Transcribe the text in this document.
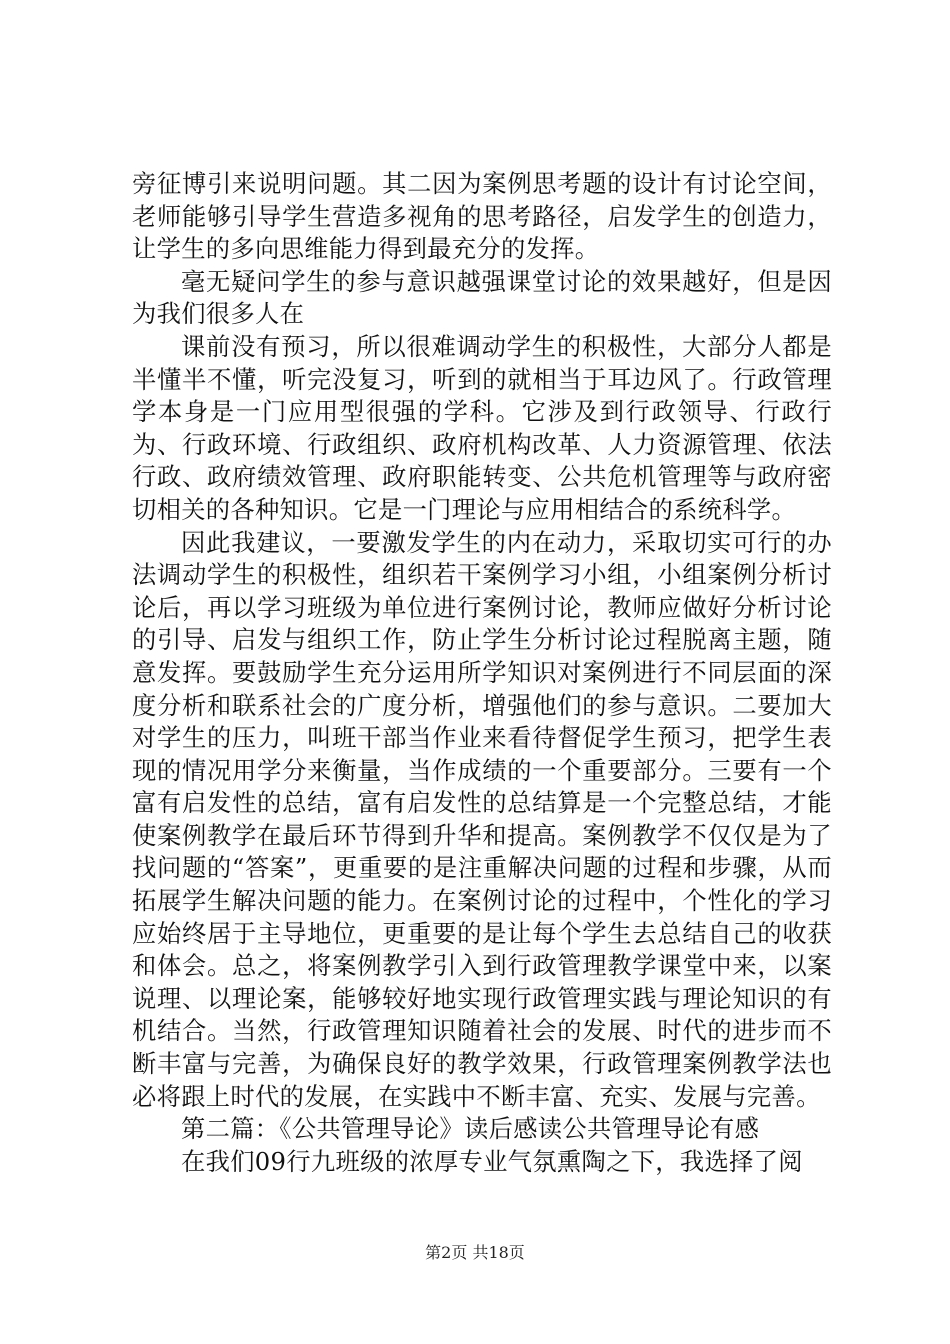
旁征博引来说明问题。其二因为案例思考题的设计有讨论空间，老师能够引导学生营造多视角的思考路径，启发学生的创造力，让学生的多向思维能力得到最充分的发挥。

毫无疑问学生的参与意识越强课堂讨论的效果越好，但是因为我们很多人在

课前没有预习，所以很难调动学生的积极性，大部分人都是半懂半不懂，听完没复习，听到的就相当于耳边风了。行政管理学本身是一门应用型很强的学科。它涉及到行政领导、行政行为、行政环境、行政组织、政府机构改革、人力资源管理、依法行政、政府绩效管理、政府职能转变、公共危机管理等与政府密切相关的各种知识。它是一门理论与应用相结合的系统科学。

因此我建议，一要激发学生的内在动力，采取切实可行的办法调动学生的积极性，组织若干案例学习小组，小组案例分析讨论后，再以学习班级为单位进行案例讨论，教师应做好分析讨论的引导、启发与组织工作，防止学生分析讨论过程脱离主题，随意发挥。要鼓励学生充分运用所学知识对案例进行不同层面的深度分析和联系社会的广度分析，增强他们的参与意识。二要加大对学生的压力，叫班干部当作业来看待督促学生预习，把学生表现的情况用学分来衡量，当作成绩的一个重要部分。三要有一个富有启发性的总结，富有启发性的总结算是一个完整总结，才能使案例教学在最后环节得到升华和提高。案例教学不仅仅是为了找问题的“答案”，更重要的是注重解决问题的过程和步骤，从而拓展学生解决问题的能力。在案例讨论的过程中，个性化的学习应始终居于主导地位，更重要的是让每个学生去总结自己的收获和体会。总之，将案例教学引入到行政管理教学课堂中来，以案说理、以理论案，能够较好地实现行政管理实践与理论知识的有机结合。当然，行政管理知识随着社会的发展、时代的进步而不断丰富与完善，为确保良好的教学效果，行政管理案例教学法也必将跟上时代的发展，在实践中不断丰富、充实、发展与完善。

第二篇：《公共管理导论》读后感读公共管理导论有感

在我们09行九班级的浓厚专业气氛熏陶之下，我选择了阅

第2页 共18页
